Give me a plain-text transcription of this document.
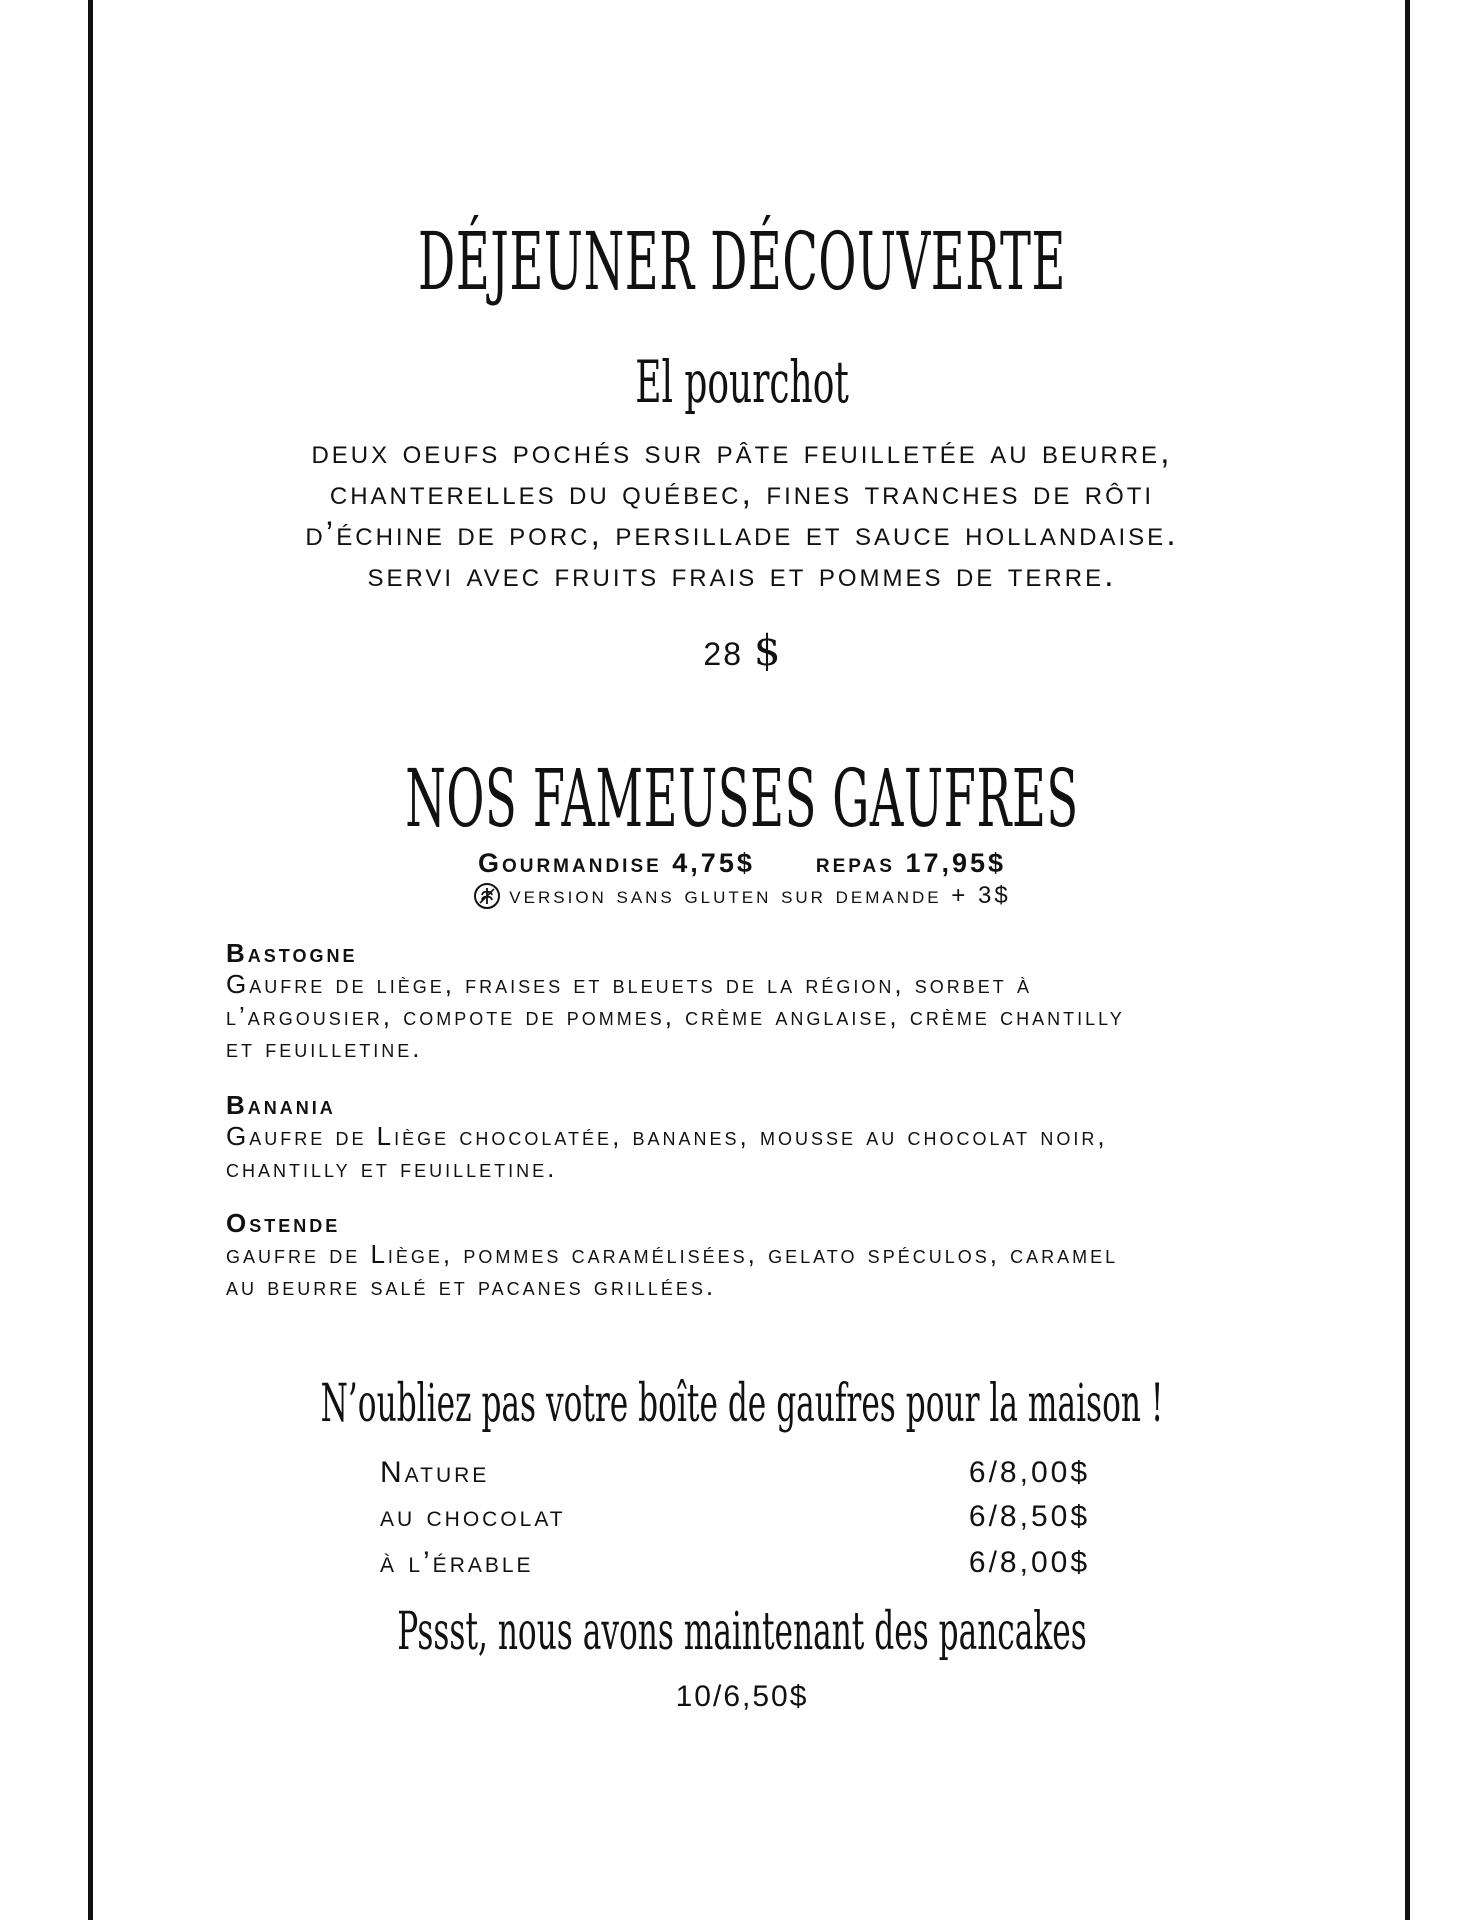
DÉJEUNER DÉCOUVERTE
El pourchot
deux oeufs pochés sur pâte feuilletée au beurre,
chanterelles du québec, fines tranches de rôti
d’échine de porc, persillade et sauce hollandaise.
servi avec fruits frais et pommes de terre.
28 $
NOS FAMEUSES GAUFRES
Gourmandise 4,75$ repas 17,95$
version sans gluten sur demande + 3$
Bastogne
Gaufre de liège, fraises et bleuets de la région, sorbet à
l’argousier, compote de pommes, crème anglaise, crème chantilly
et feuilletine.
Banania
Gaufre de Liège chocolatée, bananes, mousse au chocolat noir,
chantilly et feuilletine.
Ostende
gaufre de Liège, pommes caramélisées, gelato spéculos, caramel
au beurre salé et pacanes grillées.
N’oubliez pas votre boîte de gaufres pour la maison !
Nature	6/8,00$
au chocolat	6/8,50$
à l’érable	6/8,00$
Pssst, nous avons maintenant des pancakes
10/6,50$
